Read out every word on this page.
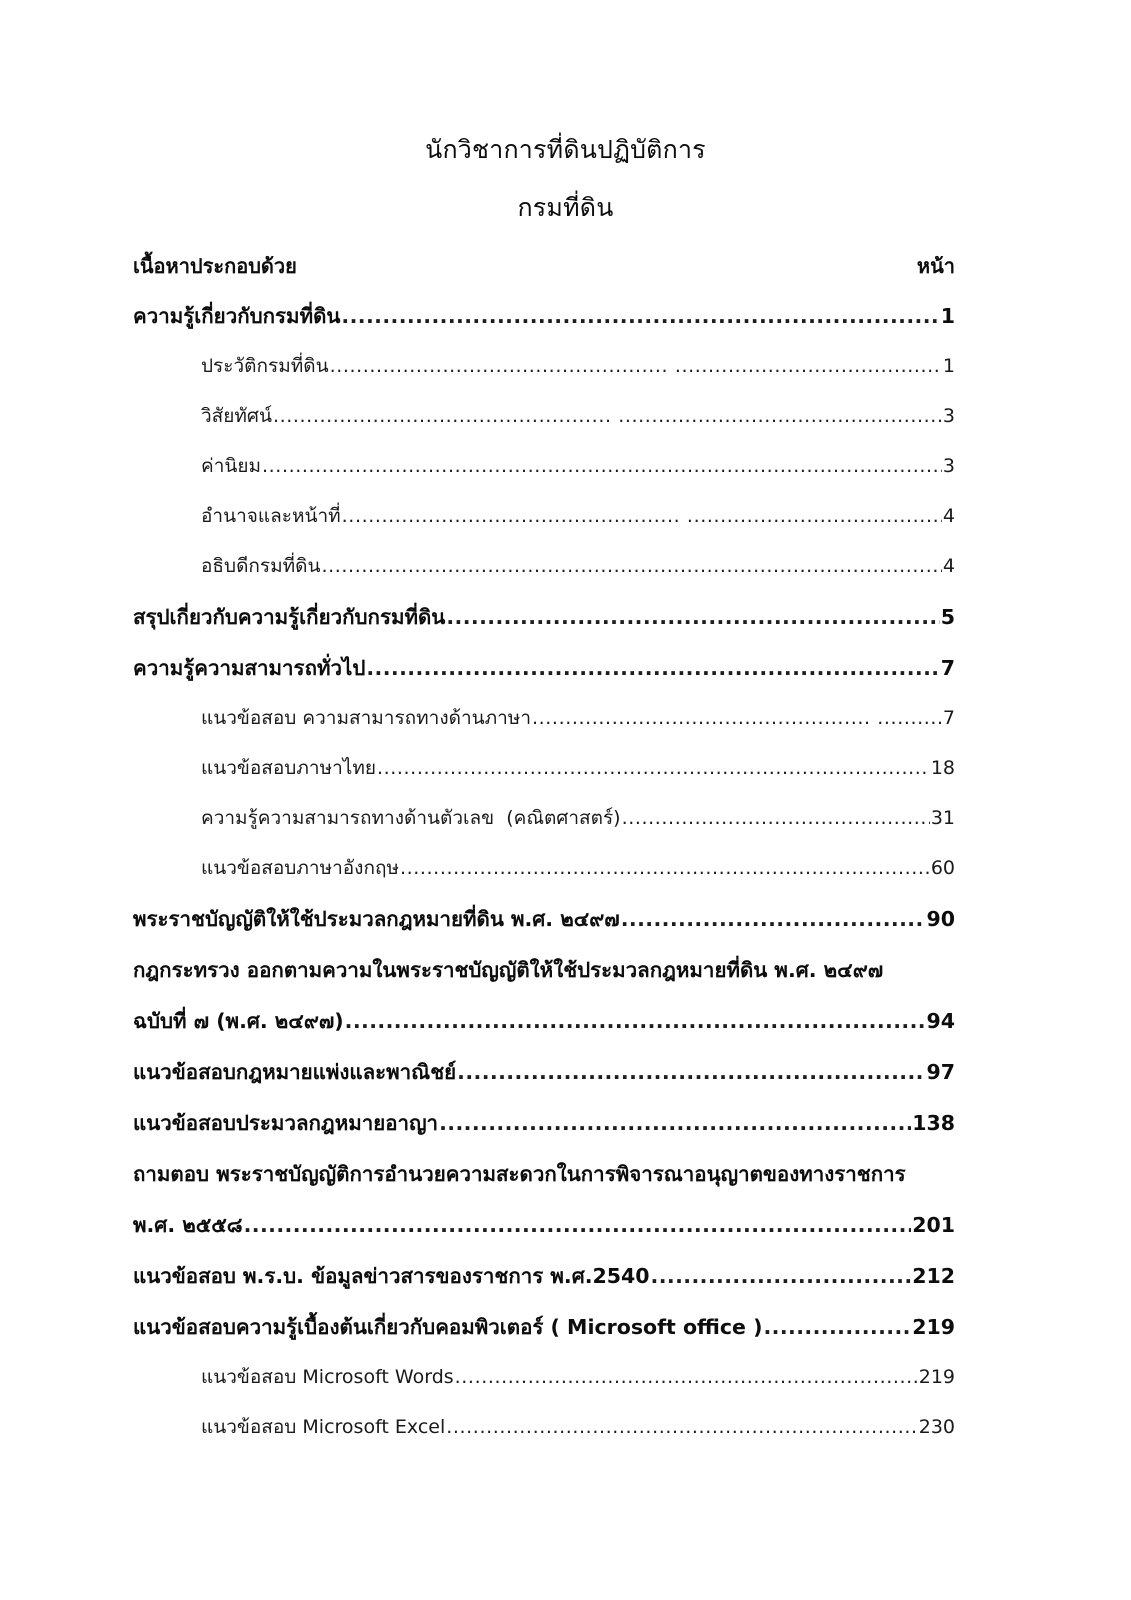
นักวิชาการที่ดินปฏิบัติการ
กรมที่ดิน
เนื้อหาประกอบด้วย	หน้า
ความรู้เกี่ยวกับกรมที่ดิน .....	1
ประวัติกรมที่ดิน .....	1
วิสัยทัศน์ .....	3
ค่านิยม .....	3
อำนาจและหน้าที่ .....	4
อธิบดีกรมที่ดิน .....	4
สรุปเกี่ยวกับความรู้เกี่ยวกับกรมที่ดิน .....	5
ความรู้ความสามารถทั่วไป .....	7
แนวข้อสอบ ความสามารถทางด้านภาษา .....	7
แนวข้อสอบภาษาไทย .....	18
ความรู้ความสามารถทางด้านตัวเลข  (คณิตศาสตร์) .....	31
แนวข้อสอบภาษาอังกฤษ .....	60
พระราชบัญญัติให้ใช้ประมวลกฎหมายที่ดิน พ.ศ. ๒๔๙๗ .....	90
กฎกระทรวง ออกตามความในพระราชบัญญัติให้ใช้ประมวลกฎหมายที่ดิน พ.ศ. ๒๔๙๗
ฉบับที่ ๗ (พ.ศ. ๒๔๙๗) .....	94
แนวข้อสอบกฎหมายแพ่งและพาณิชย์ .....	97
แนวข้อสอบประมวลกฎหมายอาญา .....	138
ถามตอบ พระราชบัญญัติการอำนวยความสะดวกในการพิจารณาอนุญาตของทางราชการ
พ.ศ. ๒๕๕๘ .....	201
แนวข้อสอบ พ.ร.บ. ข้อมูลข่าวสารของราชการ พ.ศ.2540 .....	212
แนวข้อสอบความรู้เบื้องต้นเกี่ยวกับคอมพิวเตอร์ ( Microsoft office ) .....	219
แนวข้อสอบ Microsoft Words .....	219
แนวข้อสอบ Microsoft Excel .....	230
